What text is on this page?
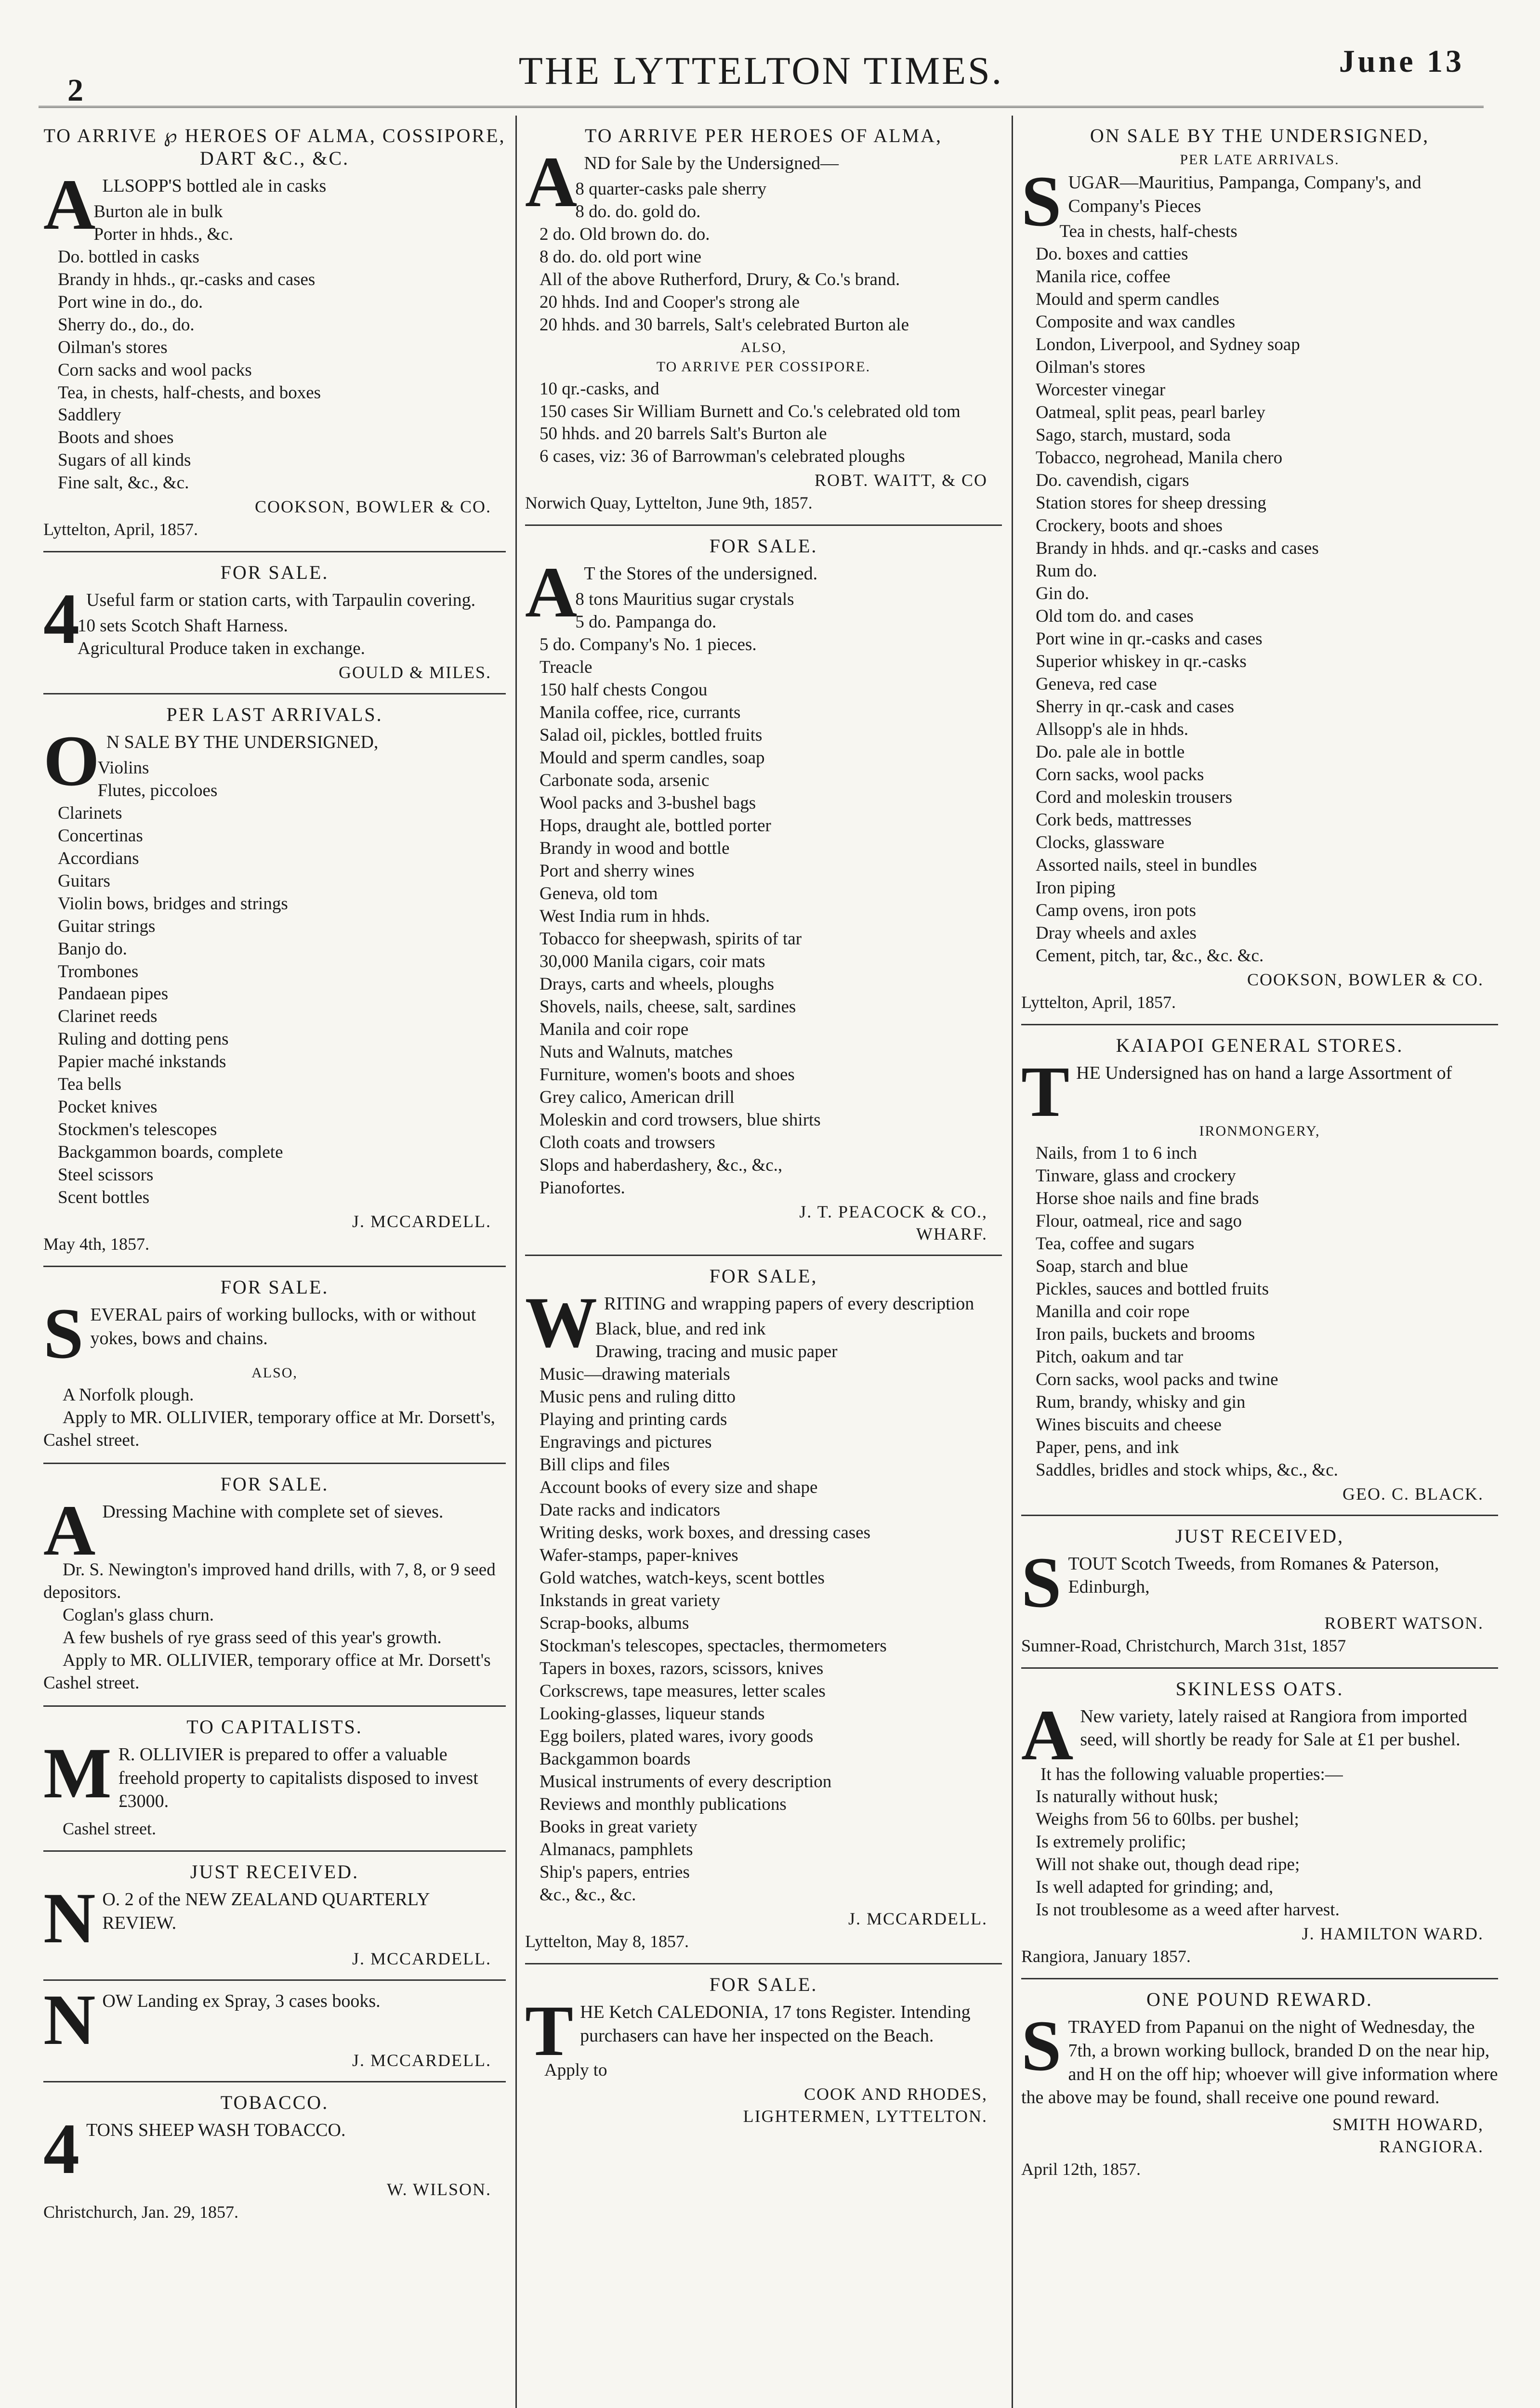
2	THE LYTTELTON TIMES.	June 13
TO ARRIVE ℘ HEROES OF ALMA, COSSIPORE, DART &C., &C.
A LLSOPP'S bottled ale in casks
Burton ale in bulk
Porter in hhds., &c.
Do. bottled in casks
Brandy in hhds., qr.-casks and cases
Port wine in do., do.
Sherry do., do., do.
Oilman's stores
Corn sacks and wool packs
Tea, in chests, half-chests, and boxes
Saddlery
Boots and shoes
Sugars of all kinds
Fine salt, &c., &c.
COOKSON, BOWLER & CO.
Lyttelton, April, 1857.
FOR SALE.
4 Useful farm or station carts, with Tarpaulin covering.
10 sets Scotch Shaft Harness.
Agricultural Produce taken in exchange.
GOULD & MILES.
PER LAST ARRIVALS.
O N SALE BY THE UNDERSIGNED,
Violins
Flutes, piccoloes
Clarinets
Concertinas
Accordians
Guitars
Violin bows, bridges and strings
Guitar strings
Banjo do.
Trombones
Pandaean pipes
Clarinet reeds
Ruling and dotting pens
Papier maché inkstands
Tea bells
Pocket knives
Stockmen's telescopes
Backgammon boards, complete
Steel scissors
Scent bottles
J. MCCARDELL.
May 4th, 1857.
FOR SALE.
S EVERAL pairs of working bullocks, with or without yokes, bows and chains.
ALSO,
A Norfolk plough.
Apply to MR. OLLIVIER, temporary office at Mr. Dorsett's, Cashel street.
FOR SALE.
A Dressing Machine with complete set of sieves.
Dr. S. Newington's improved hand drills, with 7, 8, or 9 seed depositors.
Coglan's glass churn.
A few bushels of rye grass seed of this year's growth.
Apply to MR. OLLIVIER, temporary office at Mr. Dorsett's Cashel street.
TO CAPITALISTS.
M R. OLLIVIER is prepared to offer a valuable freehold property to capitalists disposed to invest £3000.
Cashel street.
JUST RECEIVED.
N O. 2 of the NEW ZEALAND QUARTERLY REVIEW.
J. MCCARDELL.
N OW Landing ex Spray, 3 cases books.
J. MCCARDELL.
TOBACCO.
4 TONS SHEEP WASH TOBACCO.
W. WILSON.
Christchurch, Jan. 29, 1857.
TO ARRIVE PER HEROES OF ALMA,
A ND for Sale by the Undersigned—
8 quarter-casks pale sherry
8 do. do. gold do.
2 do. Old brown do. do.
8 do. do. old port wine
All of the above Rutherford, Drury, & Co.'s brand.
20 hhds. Ind and Cooper's strong ale
20 hhds. and 30 barrels, Salt's celebrated Burton ale
ALSO,
TO ARRIVE PER COSSIPORE.
10 qr.-casks, and
150 cases Sir William Burnett and Co.'s celebrated old tom
50 hhds. and 20 barrels Salt's Burton ale
6 cases, viz: 36 of Barrowman's celebrated ploughs
ROBT. WAITT, & CO
Norwich Quay, Lyttelton, June 9th, 1857.
FOR SALE.
A T the Stores of the undersigned.
8 tons Mauritius sugar crystals
5 do. Pampanga do.
5 do. Company's No. 1 pieces.
Treacle
150 half chests Congou
Manila coffee, rice, currants
Salad oil, pickles, bottled fruits
Mould and sperm candles, soap
Carbonate soda, arsenic
Wool packs and 3-bushel bags
Hops, draught ale, bottled porter
Brandy in wood and bottle
Port and sherry wines
Geneva, old tom
West India rum in hhds.
Tobacco for sheepwash, spirits of tar
30,000 Manila cigars, coir mats
Drays, carts and wheels, ploughs
Shovels, nails, cheese, salt, sardines
Manila and coir rope
Nuts and Walnuts, matches
Furniture, women's boots and shoes
Grey calico, American drill
Moleskin and cord trowsers, blue shirts
Cloth coats and trowsers
Slops and haberdashery, &c., &c.,
Pianofortes.
J. T. PEACOCK & CO.,
WHARF.
FOR SALE,
W RITING and wrapping papers of every description
Black, blue, and red ink
Drawing, tracing and music paper
Music—drawing materials
Music pens and ruling ditto
Playing and printing cards
Engravings and pictures
Bill clips and files
Account books of every size and shape
Date racks and indicators
Writing desks, work boxes, and dressing cases
Wafer-stamps, paper-knives
Gold watches, watch-keys, scent bottles
Inkstands in great variety
Scrap-books, albums
Stockman's telescopes, spectacles, thermometers
Tapers in boxes, razors, scissors, knives
Corkscrews, tape measures, letter scales
Looking-glasses, liqueur stands
Egg boilers, plated wares, ivory goods
Backgammon boards
Musical instruments of every description
Reviews and monthly publications
Books in great variety
Almanacs, pamphlets
Ship's papers, entries
&c., &c., &c.
J. MCCARDELL.
Lyttelton, May 8, 1857.
FOR SALE.
T HE Ketch CALEDONIA, 17 tons Register. Intending purchasers can have her inspected on the Beach.
Apply to
COOK AND RHODES,
LIGHTERMEN, LYTTELTON.
ON SALE BY THE UNDERSIGNED,
PER LATE ARRIVALS.
S UGAR—Mauritius, Pampanga, Company's, and Company's Pieces
Tea in chests, half-chests
Do. boxes and catties
Manila rice, coffee
Mould and sperm candles
Composite and wax candles
London, Liverpool, and Sydney soap
Oilman's stores
Worcester vinegar
Oatmeal, split peas, pearl barley
Sago, starch, mustard, soda
Tobacco, negrohead, Manila chero
Do. cavendish, cigars
Station stores for sheep dressing
Crockery, boots and shoes
Brandy in hhds. and qr.-casks and cases
Rum do.
Gin do.
Old tom do. and cases
Port wine in qr.-casks and cases
Superior whiskey in qr.-casks
Geneva, red case
Sherry in qr.-cask and cases
Allsopp's ale in hhds.
Do. pale ale in bottle
Corn sacks, wool packs
Cord and moleskin trousers
Cork beds, mattresses
Clocks, glassware
Assorted nails, steel in bundles
Iron piping
Camp ovens, iron pots
Dray wheels and axles
Cement, pitch, tar, &c., &c. &c.
COOKSON, BOWLER & CO.
Lyttelton, April, 1857.
KAIAPOI GENERAL STORES.
T HE Undersigned has on hand a large Assortment of
IRONMONGERY,
Nails, from 1 to 6 inch
Tinware, glass and crockery
Horse shoe nails and fine brads
Flour, oatmeal, rice and sago
Tea, coffee and sugars
Soap, starch and blue
Pickles, sauces and bottled fruits
Manilla and coir rope
Iron pails, buckets and brooms
Pitch, oakum and tar
Corn sacks, wool packs and twine
Rum, brandy, whisky and gin
Wines biscuits and cheese
Paper, pens, and ink
Saddles, bridles and stock whips, &c., &c.
GEO. C. BLACK.
JUST RECEIVED,
S TOUT Scotch Tweeds, from Romanes & Paterson, Edinburgh,
ROBERT WATSON.
Sumner-Road, Christchurch, March 31st, 1857
SKINLESS OATS.
A New variety, lately raised at Rangiora from imported seed, will shortly be ready for Sale at £1 per bushel.
It has the following valuable properties:—
Is naturally without husk;
Weighs from 56 to 60lbs. per bushel;
Is extremely prolific;
Will not shake out, though dead ripe;
Is well adapted for grinding; and,
Is not troublesome as a weed after harvest.
J. HAMILTON WARD.
Rangiora, January 1857.
ONE POUND REWARD.
S TRAYED from Papanui on the night of Wednesday, the 7th, a brown working bullock, branded D on the near hip, and H on the off hip; whoever will give information where the above may be found, shall receive one pound reward.
SMITH HOWARD,
RANGIORA.
April 12th, 1857.
